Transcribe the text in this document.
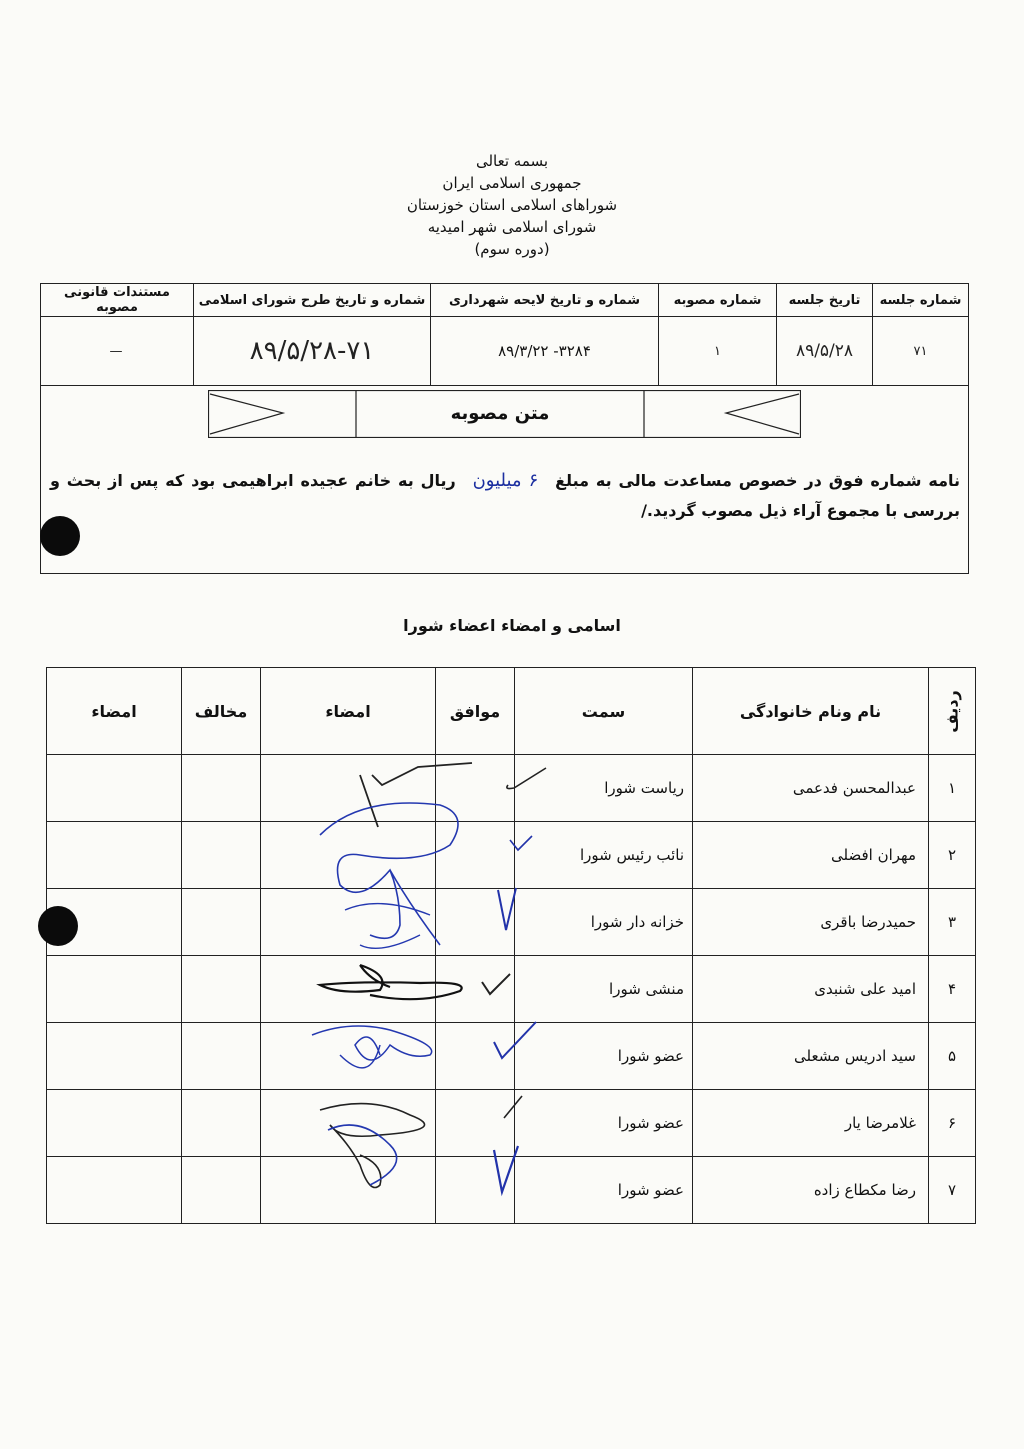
بسمه تعالی
جمهوری اسلامی ایران
شوراهای اسلامی استان خوزستان
شورای اسلامی شهر امیدیه
(دوره سوم)
شماره جلسه	تاریخ جلسه	شماره مصوبه	شماره و تاریخ لایحه شهرداری	شماره و تاریخ طرح شورای اسلامی	مستندات قانونی مصوبه
۷۱	۸۹/۵/۲۸	۱	۸۹/۳/۲۲ -۳۲۸۴	۸۹/۵/۲۸-۷۱	—
متن مصوبه
نامه شماره فوق در خصوص مساعدت مالی به مبلغ ۶ میلیون ریال به خانم عجیده ابراهیمی بود که پس از بحث و بررسی با مجموع آراء ذیل مصوب گردید./
اسامی و امضاء اعضاء شورا
ردیف	نام ونام خانوادگی	سمت	موافق	امضاء	مخالف	امضاء
۱	عبدالمحسن فدعمی	ریاست شورا				
۲	مهران افضلی	نائب رئیس شورا				
۳	حمیدرضا باقری	خزانه دار شورا				
۴	امید علی شنبدی	منشی شورا				
۵	سید ادریس مشعلی	عضو شورا				
۶	غلامرضا یار	عضو شورا				
۷	رضا مکطاع زاده	عضو شورا				
